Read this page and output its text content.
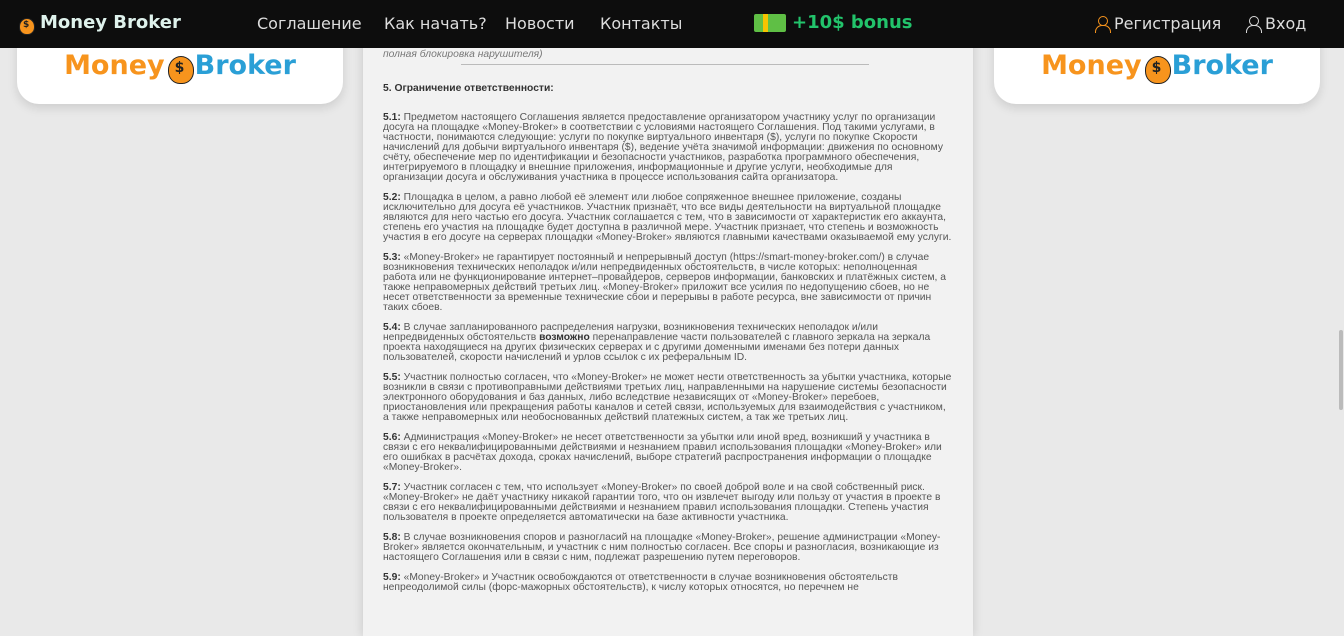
$
Money Broker	Соглашение Как начать? Новости Контакты	+10$ bonus	Регистрация	Вход
Money $ Broker	Money $ Broker
полная блокировка нарушителя)
5. Ограничение ответственности:
5.1: Предметом настоящего Соглашения является предоставление организатором участнику услуг по организации досуга на площадке «Money-Broker» в соответствии с условиями настоящего Соглашения. Под такими услугами, в частности, понимаются следующие: услуги по покупке виртуального инвентаря ($), услуги по покупке Скорости начислений для добычи виртуального инвентаря ($), ведение учёта значимой информации: движения по основному счёту, обеспечение мер по идентификации и безопасности участников, разработка программного обеспечения, интегрируемого в площадку и внешние приложения, информационные и другие услуги, необходимые для организации досуга и обслуживания участника в процессе использования сайта организатора.
5.2: Площадка в целом, а равно любой её элемент или любое сопряженное внешнее приложение, созданы исключительно для досуга её участников. Участник признаёт, что все виды деятельности на виртуальной площадке являются для него частью его досуга. Участник соглашается с тем, что в зависимости от характеристик его аккаунта, степень его участия на площадке будет доступна в различной мере. Участник признает, что степень и возможность участия в его досуге на серверах площадки «Money-Broker» являются главными качествами оказываемой ему услуги.
5.3: «Money-Broker» не гарантирует постоянный и непрерывный доступ (https://smart-money-broker.com/) в случае возникновения технических неполадок и/или непредвиденных обстоятельств, в числе которых: неполноценная работа или не функционирование интернет–провайдеров, серверов информации, банковских и платёжных систем, а также неправомерных действий третьих лиц. «Money-Broker» приложит все усилия по недопущению сбоев, но не несет ответственности за временные технические сбои и перерывы в работе ресурса, вне зависимости от причин таких сбоев.
5.4: В случае запланированного распределения нагрузки, возникновения технических неполадок и/или непредвиденных обстоятельств возможно перенаправление части пользователей с главного зеркала на зеркала проекта находящиеся на других физических серверах и с другими доменными именами без потери данных пользователей, скорости начислений и урлов ссылок с их реферальным ID.
5.5: Участник полностью согласен, что «Money-Broker» не может нести ответственность за убытки участника, которые возникли в связи с противоправными действиями третьих лиц, направленными на нарушение системы безопасности электронного оборудования и баз данных, либо вследствие независящих от «Money-Broker» перебоев, приостановления или прекращения работы каналов и сетей связи, используемых для взаимодействия с участником, а также неправомерных или необоснованных действий платежных систем, а так же третьих лиц.
5.6: Администрация «Money-Broker» не несет ответственности за убытки или иной вред, возникший у участника в связи с его неквалифицированными действиями и незнанием правил использования площадки «Money-Broker» или его ошибках в расчётах дохода, сроках начислений, выборе стратегий распространения информации о площадке «Money-Broker».
5.7: Участник согласен с тем, что использует «Money-Broker» по своей доброй воле и на свой собственный риск. «Money-Broker» не даёт участнику никакой гарантии того, что он извлечет выгоду или пользу от участия в проекте в связи с его неквалифицированными действиями и незнанием правил использования площадки. Степень участия пользователя в проекте определяется автоматически на базе активности участника.
5.8: В случае возникновения споров и разногласий на площадке «Money-Broker», решение администрации «Money-Broker» является окончательным, и участник с ним полностью согласен. Все споры и разногласия, возникающие из настоящего Соглашения или в связи с ним, подлежат разрешению путем переговоров.
5.9: «Money-Broker» и Участник освобождаются от ответственности в случае возникновения обстоятельств непреодолимой силы (форс-мажорных обстоятельств), к числу которых относятся, но перечнем не
